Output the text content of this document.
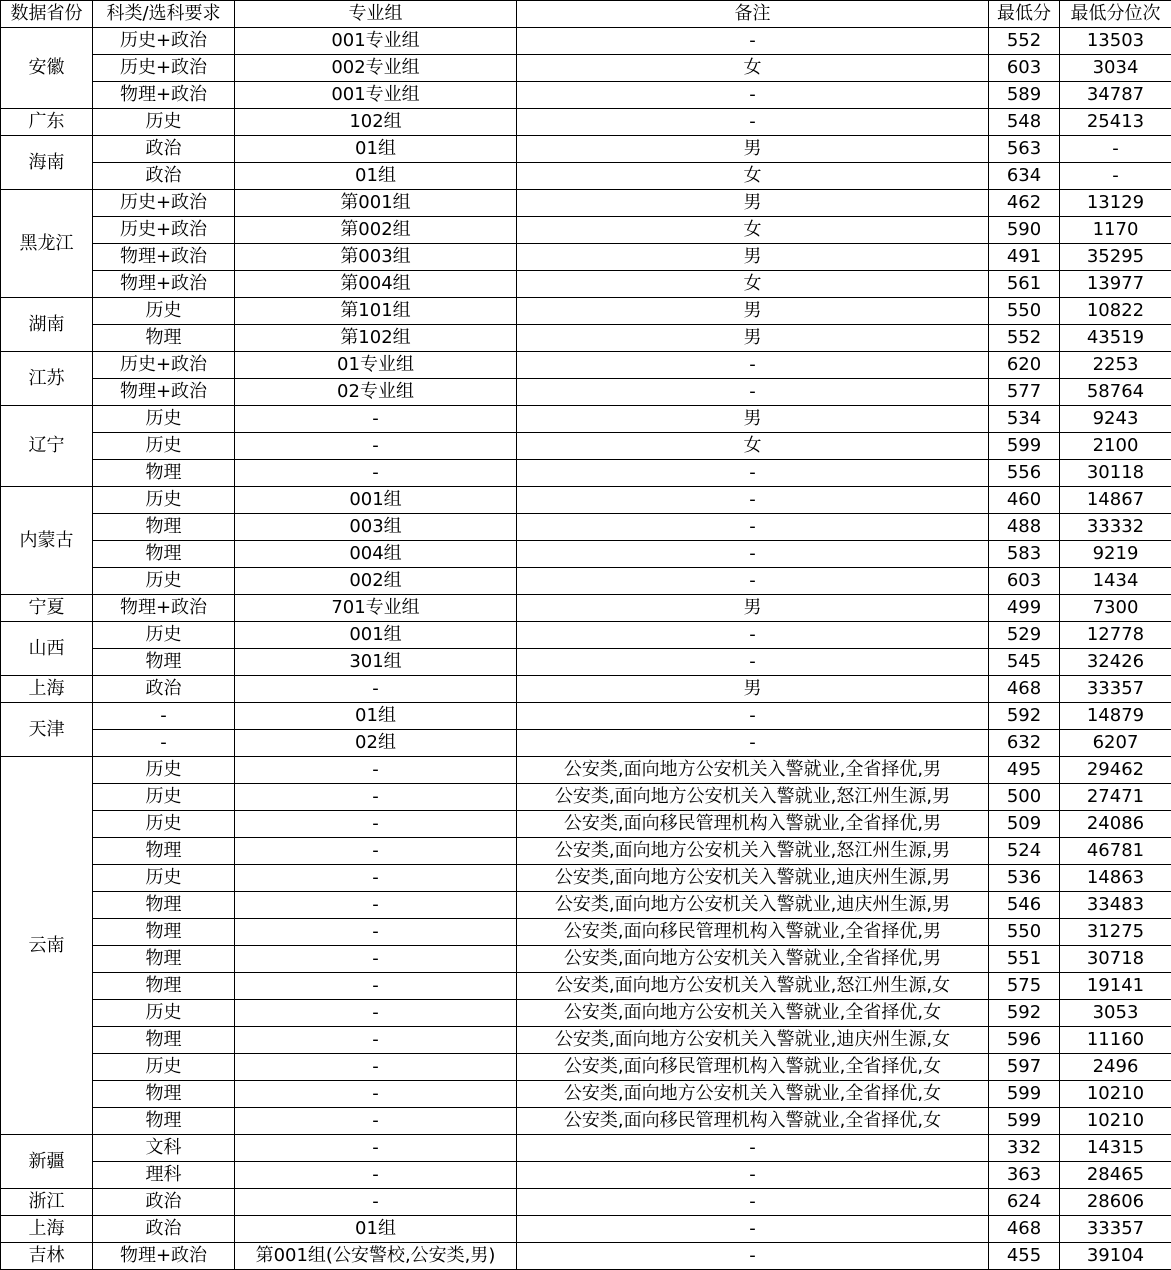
数据省份	科类/选科要求	专业组	备注	最低分	最低分位次
安徽	历史+政治	001专业组	-	552	13503
	历史+政治	002专业组	女	603	3034
	物理+政治	001专业组	-	589	34787
广东	历史	102组	-	548	25413
海南	政治	01组	男	563	-
	政治	01组	女	634	-
黑龙江	历史+政治	第001组	男	462	13129
	历史+政治	第002组	女	590	1170
	物理+政治	第003组	男	491	35295
	物理+政治	第004组	女	561	13977
湖南	历史	第101组	男	550	10822
	物理	第102组	男	552	43519
江苏	历史+政治	01专业组	-	620	2253
	物理+政治	02专业组	-	577	58764
辽宁	历史	-	男	534	9243
	历史	-	女	599	2100
	物理	-	-	556	30118
内蒙古	历史	001组	-	460	14867
	物理	003组	-	488	33332
	物理	004组	-	583	9219
	历史	002组	-	603	1434
宁夏	物理+政治	701专业组	男	499	7300
山西	历史	001组	-	529	12778
	物理	301组	-	545	32426
上海	政治	-	男	468	33357
天津	-	01组	-	592	14879
	-	02组	-	632	6207
云南	历史	-	公安类,面向地方公安机关入警就业,全省择优,男	495	29462
	历史	-	公安类,面向地方公安机关入警就业,怒江州生源,男	500	27471
	历史	-	公安类,面向移民管理机构入警就业,全省择优,男	509	24086
	物理	-	公安类,面向地方公安机关入警就业,怒江州生源,男	524	46781
	历史	-	公安类,面向地方公安机关入警就业,迪庆州生源,男	536	14863
	物理	-	公安类,面向地方公安机关入警就业,迪庆州生源,男	546	33483
	物理	-	公安类,面向移民管理机构入警就业,全省择优,男	550	31275
	物理	-	公安类,面向地方公安机关入警就业,全省择优,男	551	30718
	物理	-	公安类,面向地方公安机关入警就业,怒江州生源,女	575	19141
	历史	-	公安类,面向地方公安机关入警就业,全省择优,女	592	3053
	物理	-	公安类,面向地方公安机关入警就业,迪庆州生源,女	596	11160
	历史	-	公安类,面向移民管理机构入警就业,全省择优,女	597	2496
	物理	-	公安类,面向地方公安机关入警就业,全省择优,女	599	10210
	物理	-	公安类,面向移民管理机构入警就业,全省择优,女	599	10210
新疆	文科	-	-	332	14315
	理科	-	-	363	28465
浙江	政治	-	-	624	28606
上海	政治	01组	-	468	33357
吉林	物理+政治	第001组(公安警校,公安类,男)	-	455	39104
